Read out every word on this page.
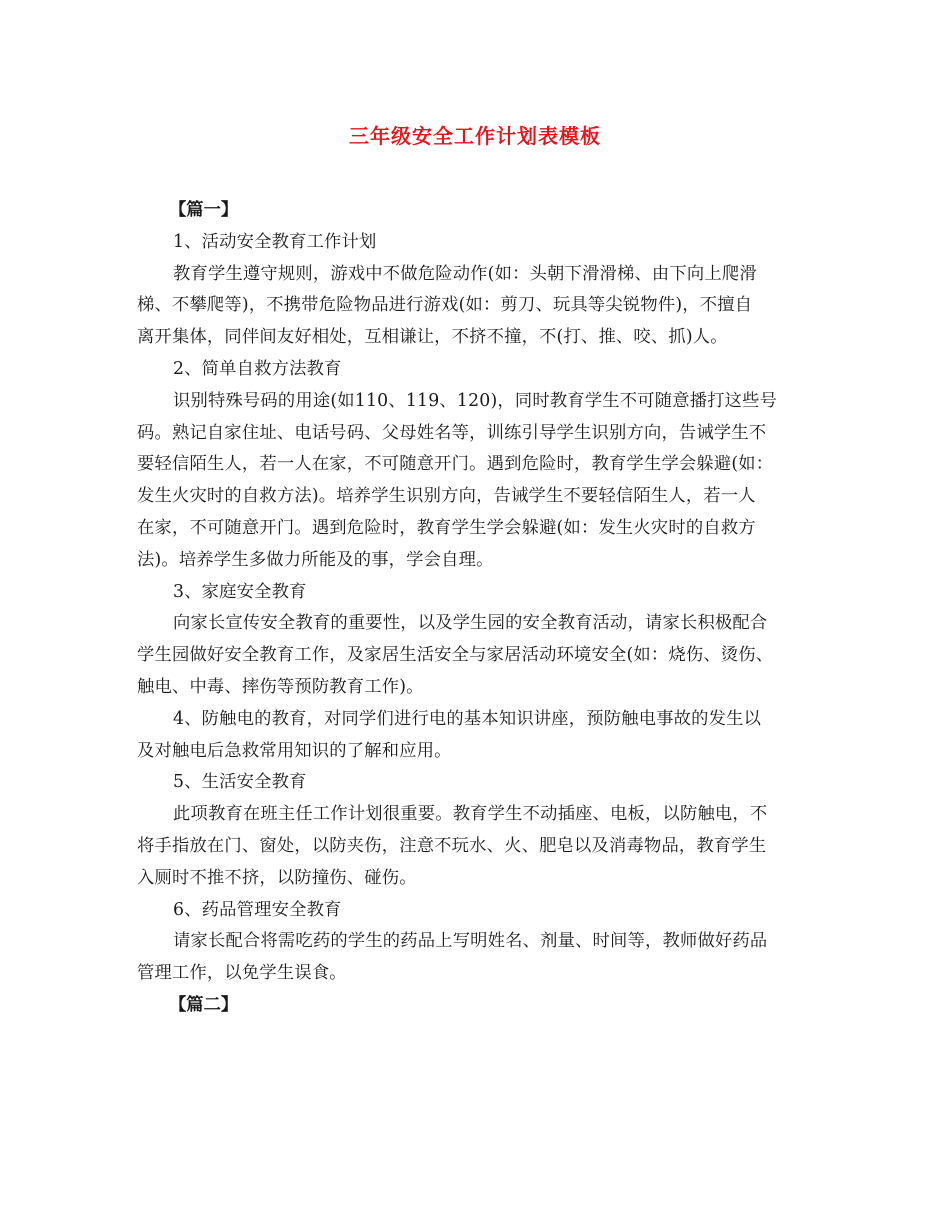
三年级安全工作计划表模板
【篇一】
1、活动安全教育工作计划
教育学生遵守规则，游戏中不做危险动作(如：头朝下滑滑梯、由下向上爬滑
梯、不攀爬等)，不携带危险物品进行游戏(如：剪刀、玩具等尖锐物件)，不擅自
离开集体，同伴间友好相处，互相谦让，不挤不撞，不(打、推、咬、抓)人。
2、简单自救方法教育
识别特殊号码的用途(如110、119、120)，同时教育学生不可随意播打这些号
码。熟记自家住址、电话号码、父母姓名等，训练引导学生识别方向，告诫学生不
要轻信陌生人，若一人在家，不可随意开门。遇到危险时，教育学生学会躲避(如：
发生火灾时的自救方法)。培养学生识别方向，告诫学生不要轻信陌生人，若一人
在家，不可随意开门。遇到危险时，教育学生学会躲避(如：发生火灾时的自救方
法)。培养学生多做力所能及的事，学会自理。
3、家庭安全教育
向家长宣传安全教育的重要性，以及学生园的安全教育活动，请家长积极配合
学生园做好安全教育工作，及家居生活安全与家居活动环境安全(如：烧伤、烫伤、
触电、中毒、摔伤等预防教育工作)。
4、防触电的教育，对同学们进行电的基本知识讲座，预防触电事故的发生以
及对触电后急救常用知识的了解和应用。
5、生活安全教育
此项教育在班主任工作计划很重要。教育学生不动插座、电板，以防触电，不
将手指放在门、窗处，以防夹伤，注意不玩水、火、肥皂以及消毒物品，教育学生
入厕时不推不挤，以防撞伤、碰伤。
6、药品管理安全教育
请家长配合将需吃药的学生的药品上写明姓名、剂量、时间等，教师做好药品
管理工作，以免学生误食。
【篇二】
